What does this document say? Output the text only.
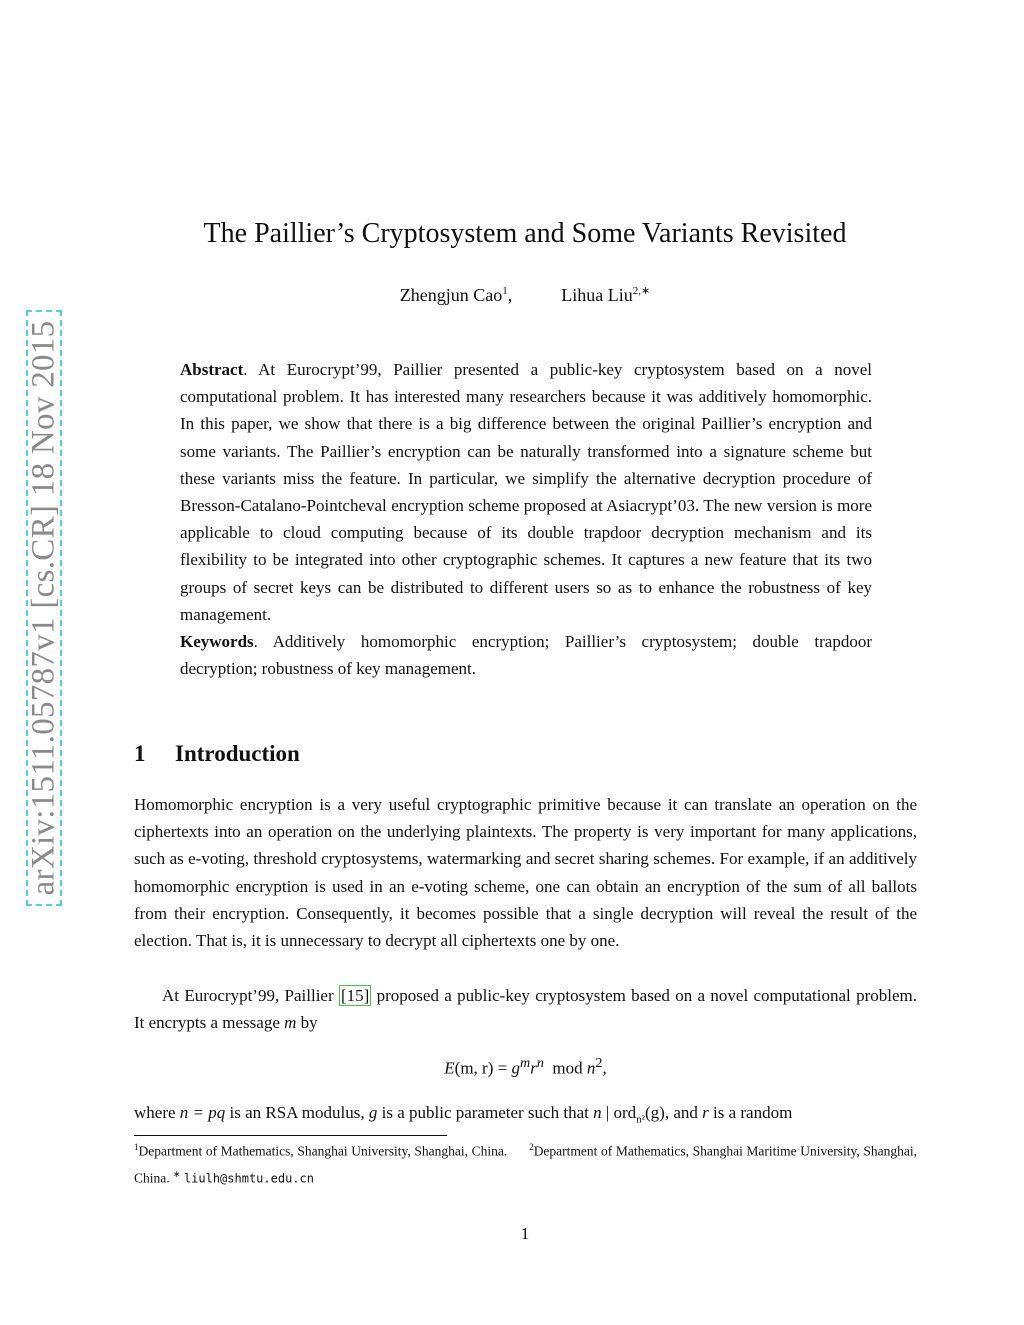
arXiv:1511.05787v1 [cs.CR] 18 Nov 2015
The Paillier’s Cryptosystem and Some Variants Revisited
Zhengjun Cao$^1$,	Lihua Liu$^{2,∗}$

Abstract. At Eurocrypt’99, Paillier presented a public-key cryptosystem based on a novel computational problem. It has interested many researchers because it was additively homomorphic. In this paper, we show that there is a big difference between the original Paillier’s encryption and some variants. The Paillier’s encryption can be naturally transformed into a signature scheme but these variants miss the feature. In particular, we simplify the alternative decryption procedure of Bresson-Catalano-Pointcheval encryption scheme proposed at Asiacrypt’03. The new version is more applicable to cloud computing because of its double trapdoor decryption mechanism and its flexibility to be integrated into other cryptographic schemes. It captures a new feature that its two groups of secret keys can be distributed to different users so as to enhance the robustness of key management.

Keywords. Additively homomorphic encryption; Paillier’s cryptosystem; double trapdoor decryption; robustness of key management.

1 Introduction

Homomorphic encryption is a very useful cryptographic primitive because it can translate an operation on the ciphertexts into an operation on the underlying plaintexts. The property is very important for many applications, such as e-voting, threshold cryptosystems, watermarking and secret sharing schemes. For example, if an additively homomorphic encryption is used in an e-voting scheme, one can obtain an encryption of the sum of all ballots from their encryption. Consequently, it becomes possible that a single decryption will reveal the result of the election. That is, it is unnecessary to decrypt all ciphertexts one by one.

At Eurocrypt’99, Paillier [15] proposed a public-key cryptosystem based on a novel computational problem. It encrypts a message m by

E(m, $r) = g^mr^n$  mod $n^2$,

where n = pq is an RSA modulus, g is a public parameter such that n | ord$_{n^2}$(g), and r is a random

$^1$Department of Mathematics, Shanghai University, Shanghai, China. $^2$Department of Mathematics, Shanghai Maritime University, Shanghai, China. ∗ liulh@shmtu.edu.cn
1
